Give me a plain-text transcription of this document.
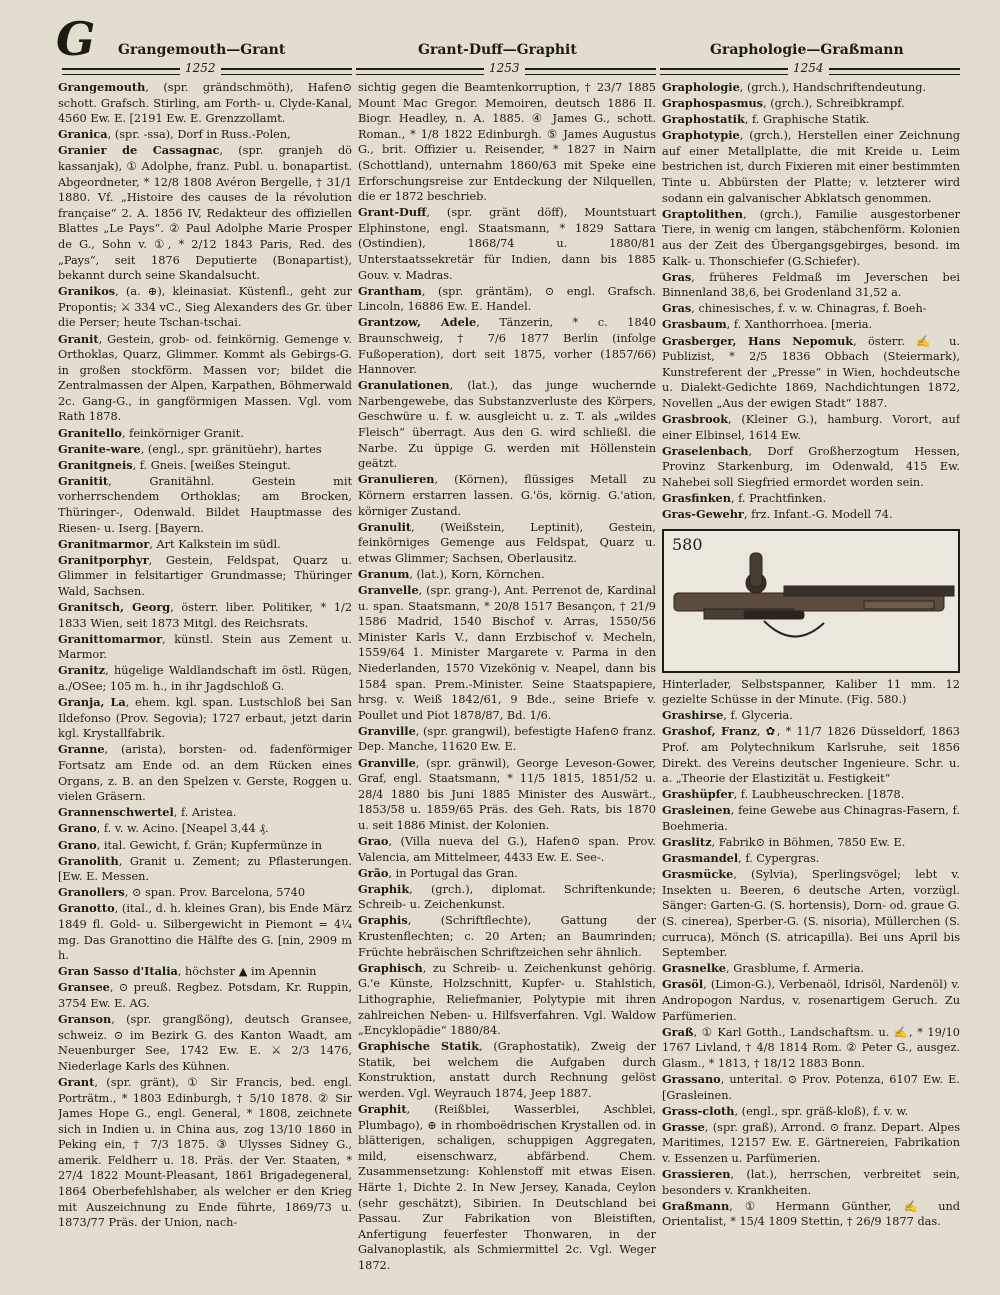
G Grangemouth—Grant	Grant-Duff—Graphit	Graphologie—Graßmann
1252	1253	1254
Grangemouth, (spr. grändschmöth), Hafen⊙ schott. Grafsch. Stirling, am Forth- u. Clyde-Kanal, 4560 Ew. E. [2191 Ew. E. Grenzzollamt.
Granica, (spr. -ssa), Dorf in Russ.-Polen,
Granier de Cassagnac, (spr. granjeh dö kassanjak), ① Adolphe, franz. Publ. u. bonapartist. Abgeordneter, * 12/8 1808 Avéron Bergelle, † 31/1 1880. Vf. „Histoire des causes de la révolution française“ 2. A. 1856 IV, Redakteur des offiziellen Blattes „Le Pays“. ② Paul Adolphe Marie Prosper de G., Sohn v. ①, * 2/12 1843 Paris, Red. des „Pays“, seit 1876 Deputierte (Bonapartist), bekannt durch seine Skandalsucht.
Granikos, (a. ⊕), kleinasiat. Küstenfl., geht zur Propontis; ⚔ 334 vC., Sieg Alexanders des Gr. über die Perser; heute Tschan-tschai.
Granit, Gestein, grob- od. feinkörnig. Gemenge v. Orthoklas, Quarz, Glimmer. Kommt als Gebirgs-G. in großen stockförm. Massen vor; bildet die Zentralmassen der Alpen, Karpathen, Böhmerwald 2c. Gang-G., in gangförmigen Massen. Vgl. vom Rath 1878.
Granitello, feinkörniger Granit.
Granite-ware, (engl., spr. gränitüehr), hartes
Granitgneis, f. Gneis. [weißes Steingut.
Granitit, Granitähnl. Gestein mit vorherrschendem Orthoklas; am Brocken, Thüringer-, Odenwald. Bildet Hauptmasse des Riesen- u. Iserg. [Bayern.
Granitmarmor, Art Kalkstein im südl.
Granitporphyr, Gestein, Feldspat, Quarz u. Glimmer in felsitartiger Grundmasse; Thüringer Wald, Sachsen.
Granitsch, Georg, österr. liber. Politiker, * 1/2 1833 Wien, seit 1873 Mitgl. des Reichsrats.
Granittomarmor, künstl. Stein aus Zement u. Marmor.
Granitz, hügelige Waldlandschaft im östl. Rügen, a./OSee; 105 m. h., in ihr Jagdschloß G.
Granja, La, ehem. kgl. span. Lustschloß bei San Ildefonso (Prov. Segovia); 1727 erbaut, jetzt darin kgl. Krystallfabrik.
Granne, (arista), borsten- od. fadenförmiger Fortsatz am Ende od. an dem Rücken eines Organs, z. B. an den Spelzen v. Gerste, Roggen u. vielen Gräsern.
Grannenschwertel, f. Aristea.
Grano, f. v. w. Acino. [Neapel 3,44 ₰.
Grano, ital. Gewicht, f. Grän; Kupfermünze in
Granolith, Granit u. Zement; zu Pflasterungen. [Ew. E. Messen.
Granollers, ⊙ span. Prov. Barcelona, 5740
Granotto, (ital., d. h. kleines Gran), bis Ende März 1849 fl. Gold- u. Silbergewicht in Piemont = 4¼ mg. Das Granottino die Hälfte des G. [nin, 2909 m h.
Gran Sasso d'Italia, höchster ▲ im Apennin
Gransee, ⊙ preuß. Regbez. Potsdam, Kr. Ruppin, 3754 Ew. E. AG.
Granson, (spr. grangßöng), deutsch Gransee, schweiz. ⊙ im Bezirk G. des Kanton Waadt, am Neuenburger See, 1742 Ew. E. ⚔ 2/3 1476, Niederlage Karls des Kühnen.
Grant, (spr. gränt), ① Sir Francis, bed. engl. Porträtm., * 1803 Edinburgh, † 5/10 1878. ② Sir James Hope G., engl. General, * 1808, zeichnete sich in Indien u. in China aus, zog 13/10 1860 in Peking ein, † 7/3 1875. ③ Ulysses Sidney G., amerik. Feldherr u. 18. Präs. der Ver. Staaten, * 27/4 1822 Mount-Pleasant, 1861 Brigadegeneral, 1864 Oberbefehlshaber, als welcher er den Krieg mit Auszeichnung zu Ende führte, 1869/73 u. 1873/77 Präs. der Union, nach-
sichtig gegen die Beamtenkorruption, † 23/7 1885 Mount Mac Gregor. Memoiren, deutsch 1886 II. Biogr. Headley, n. A. 1885. ④ James G., schott. Roman., * 1/8 1822 Edinburgh. ⑤ James Augustus G., brit. Offizier u. Reisender, * 1827 in Nairn (Schottland), unternahm 1860/63 mit Speke eine Erforschungsreise zur Entdeckung der Nilquellen, die er 1872 beschrieb.
Grant-Duff, (spr. gränt döff), Mountstuart Elphinstone, engl. Staatsmann, * 1829 Sattara (Ostindien), 1868/74 u. 1880/81 Unterstaatssekretär für Indien, dann bis 1885 Gouv. v. Madras.
Grantham, (spr. gräntäm), ⊙ engl. Grafsch. Lincoln, 16886 Ew. E. Handel.
Grantzow, Adele, Tänzerin, * c. 1840 Braunschweig, † 7/6 1877 Berlin (infolge Fußoperation), dort seit 1875, vorher (1857/66) Hannover.
Granulationen, (lat.), das junge wuchernde Narbengewebe, das Substanzverluste des Körpers, Geschwüre u. f. w. ausgleicht u. z. T. als „wildes Fleisch“ überragt. Aus den G. wird schließl. die Narbe. Zu üppige G. werden mit Höllenstein geätzt.
Granulieren, (Körnen), flüssiges Metall zu Körnern erstarren lassen. G.'ös, körnig. G.'ation, körniger Zustand.
Granulit, (Weißstein, Leptinit), Gestein, feinkörniges Gemenge aus Feldspat, Quarz u. etwas Glimmer; Sachsen, Oberlausitz.
Granum, (lat.), Korn, Körnchen.
Granvelle, (spr. grang-), Ant. Perrenot de, Kardinal u. span. Staatsmann, * 20/8 1517 Besançon, † 21/9 1586 Madrid, 1540 Bischof v. Arras, 1550/56 Minister Karls V., dann Erzbischof v. Mecheln, 1559/64 1. Minister Margarete v. Parma in den Niederlanden, 1570 Vizekönig v. Neapel, dann bis 1584 span. Prem.-Minister. Seine Staatspapiere, hrsg. v. Weiß 1842/61, 9 Bde., seine Briefe v. Poullet und Piot 1878/87, Bd. 1/6.
Granville, (spr. grangwil), befestigte Hafen⊙ franz. Dep. Manche, 11620 Ew. E.
Granville, (spr. gränwil), George Leveson-Gower, Graf, engl. Staatsmann, * 11/5 1815, 1851/52 u. 28/4 1880 bis Juni 1885 Minister des Auswärt., 1853/58 u. 1859/65 Präs. des Geh. Rats, bis 1870 u. seit 1886 Minist. der Kolonien.
Grao, (Villa nueva del G.), Hafen⊙ span. Prov. Valencia, am Mittelmeer, 4433 Ew. E. See-.
Grão, in Portugal das Gran.
Graphik, (grch.), diplomat. Schriftenkunde; Schreib- u. Zeichenkunst.
Graphis, (Schriftflechte), Gattung der Krustenflechten; c. 20 Arten; an Baumrinden; Früchte hebräischen Schriftzeichen sehr ähnlich.
Graphisch, zu Schreib- u. Zeichenkunst gehörig. G.'e Künste, Holzschnitt, Kupfer- u. Stahlstich, Lithographie, Reliefmanier, Polytypie mit ihren zahlreichen Neben- u. Hilfsverfahren. Vgl. Waldow „Encyklopädie“ 1880/84.
Graphische Statik, (Graphostatik), Zweig der Statik, bei welchem die Aufgaben durch Konstruktion, anstatt durch Rechnung gelöst werden. Vgl. Weyrauch 1874, Jeep 1887.
Graphit, (Reißblei, Wasserblei, Aschblei, Plumbago), ⊕ in rhomboëdrischen Krystallen od. in blätterigen, schaligen, schuppigen Aggregaten, mild, eisenschwarz, abfärbend. Chem. Zusammensetzung: Kohlenstoff mit etwas Eisen. Härte 1, Dichte 2. In New Jersey, Kanada, Ceylon (sehr geschätzt), Sibirien. In Deutschland bei Passau. Zur Fabrikation von Bleistiften, Anfertigung feuerfester Thonwaren, in der Galvanoplastik, als Schmiermittel 2c. Vgl. Weger 1872.
Graphologie, (grch.), Handschriftendeutung.
Graphospasmus, (grch.), Schreibkrampf.
Graphostatik, f. Graphische Statik.
Graphotypie, (grch.), Herstellen einer Zeichnung auf einer Metallplatte, die mit Kreide u. Leim bestrichen ist, durch Fixieren mit einer bestimmten Tinte u. Abbürsten der Platte; v. letzterer wird sodann ein galvanischer Abklatsch genommen.
Graptolithen, (grch.), Familie ausgestorbener Tiere, in wenig cm langen, stäbchenförm. Kolonien aus der Zeit des Übergangsgebirges, besond. im Kalk- u. Thonschiefer (G.Schiefer).
Gras, früheres Feldmaß im Jeverschen bei Binnenland 38,6, bei Grodenland 31,52 a.
Gras, chinesisches, f. v. w. Chinagras, f. Boeh-
Grasbaum, f. Xanthorrhoea. [meria.
Grasberger, Hans Nepomuk, österr. ✍ u. Publizist, * 2/5 1836 Obbach (Steiermark), Kunstreferent der „Presse“ in Wien, hochdeutsche u. Dialekt-Gedichte 1869, Nachdichtungen 1872, Novellen „Aus der ewigen Stadt“ 1887.
Grasbrook, (Kleiner G.), hamburg. Vorort, auf einer Elbinsel, 1614 Ew.
Graselenbach, Dorf Großherzogtum Hessen, Provinz Starkenburg, im Odenwald, 415 Ew. Nahebei soll Siegfried ermordet worden sein.
Grasfinken, f. Prachtfinken.
Gras-Gewehr, frz. Infant.-G. Modell 74.
580
Hinterlader, Selbstspanner, Kaliber 11 mm. 12 gezielte Schüsse in der Minute. (Fig. 580.)
Grashirse, f. Glyceria.
Grashof, Franz, ✿, * 11/7 1826 Düsseldorf, 1863 Prof. am Polytechnikum Karlsruhe, seit 1856 Direkt. des Vereins deutscher Ingenieure. Schr. u. a. „Theorie der Elastizität u. Festigkeit“
Grashüpfer, f. Laubheuschrecken. [1878.
Grasleinen, feine Gewebe aus Chinagras-Fasern, f. Boehmeria.
Graslitz, Fabrik⊙ in Böhmen, 7850 Ew. E.
Grasmandel, f. Cypergras.
Grasmücke, (Sylvia), Sperlingsvögel; lebt v. Insekten u. Beeren, 6 deutsche Arten, vorzügl. Sänger: Garten-G. (S. hortensis), Dorn- od. graue G. (S. cinerea), Sperber-G. (S. nisoria), Müllerchen (S. curruca), Mönch (S. atricapilla). Bei uns April bis September.
Grasnelke, Grasblume, f. Armeria.
Grasöl, (Limon-G.), Verbenaöl, Idrisöl, Nardenöl) v. Andropogon Nardus, v. rosenartigem Geruch. Zu Parfümerien.
Graß, ① Karl Gotth., Landschaftsm. u. ✍, * 19/10 1767 Livland, † 4/8 1814 Rom. ② Peter G., ausgez. Glasm., * 1813, † 18/12 1883 Bonn.
Grassano, unterital. ⊙ Prov. Potenza, 6107 Ew. E. [Grasleinen.
Grass-cloth, (engl., spr. gräß-kloß), f. v. w.
Grasse, (spr. graß), Arrond. ⊙ franz. Depart. Alpes Maritimes, 12157 Ew. E. Gärtnereien, Fabrikation v. Essenzen u. Parfümerien.
Grassieren, (lat.), herrschen, verbreitet sein, besonders v. Krankheiten.
Graßmann, ① Hermann Günther, ✍ und Orientalist, * 15/4 1809 Stettin, † 26/9 1877 das.
